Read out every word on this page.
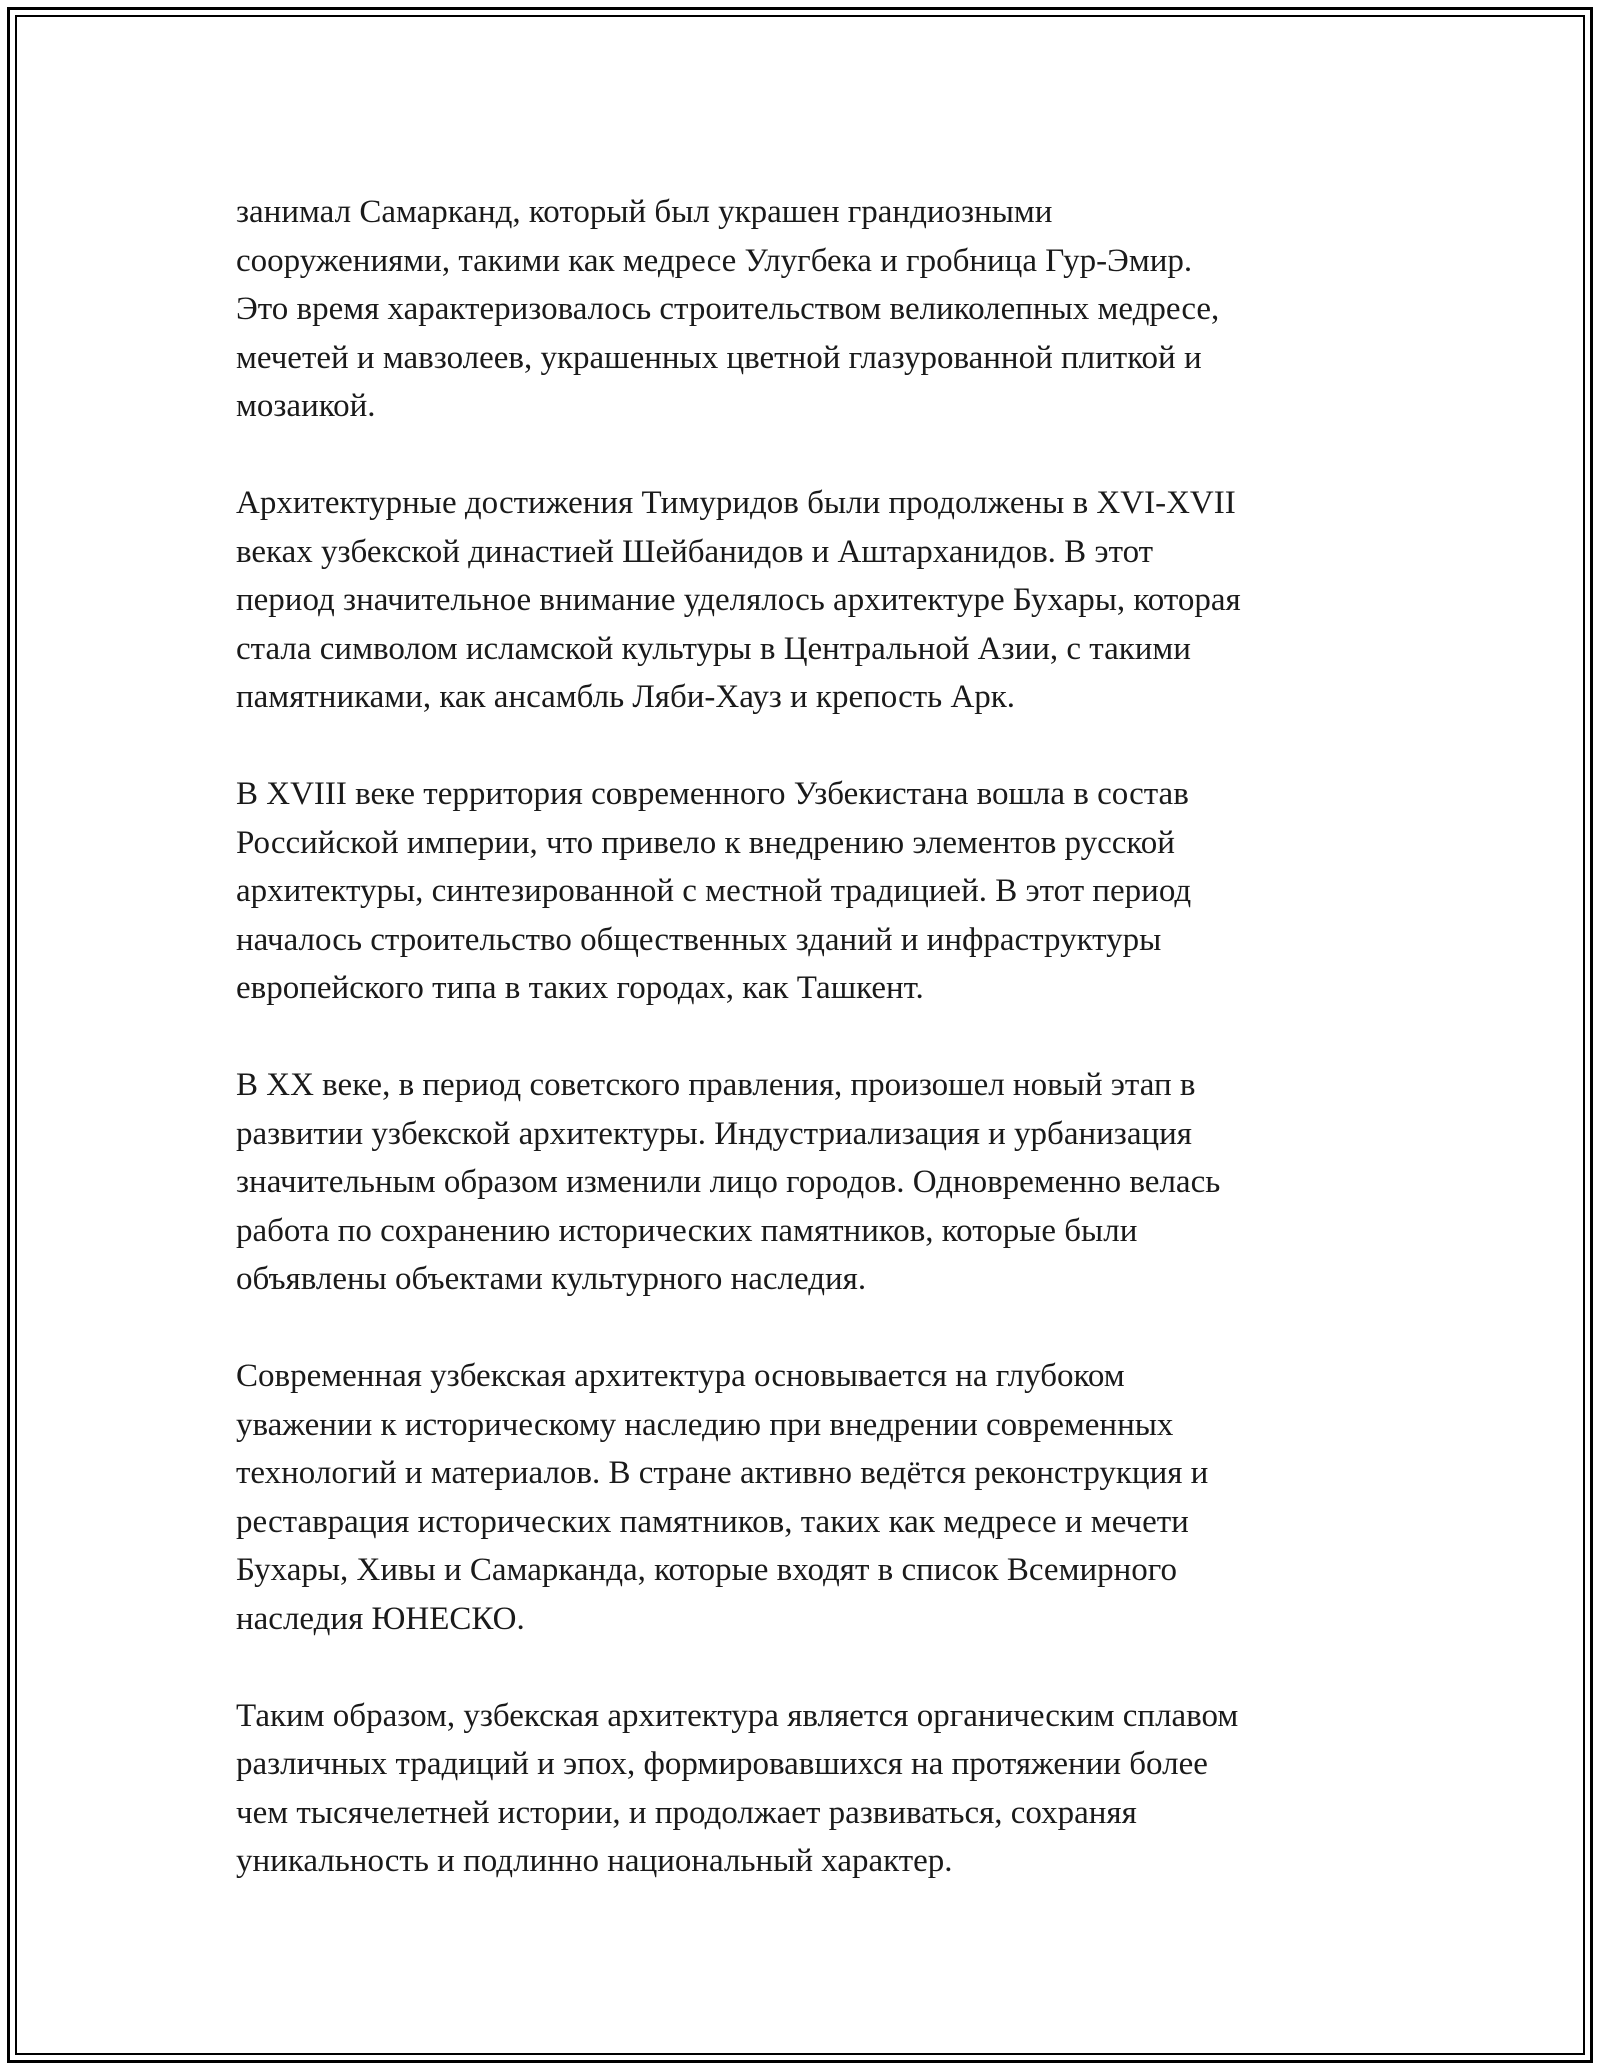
занимал Самарканд, который был украшен грандиозными
сооружениями, такими как медресе Улугбека и гробница Гур-Эмир.
Это время характеризовалось строительством великолепных медресе,
мечетей и мавзолеев, украшенных цветной глазурованной плиткой и
мозаикой.

Архитектурные достижения Тимуридов были продолжены в XVI-XVII
веках узбекской династией Шейбанидов и Аштарханидов. В этот
период значительное внимание уделялось архитектуре Бухары, которая
стала символом исламской культуры в Центральной Азии, с такими
памятниками, как ансамбль Ляби-Хауз и крепость Арк.

В XVIII веке территория современного Узбекистана вошла в состав
Российской империи, что привело к внедрению элементов русской
архитектуры, синтезированной с местной традицией. В этот период
началось строительство общественных зданий и инфраструктуры
европейского типа в таких городах, как Ташкент.

В XX веке, в период советского правления, произошел новый этап в
развитии узбекской архитектуры. Индустриализация и урбанизация
значительным образом изменили лицо городов. Одновременно велась
работа по сохранению исторических памятников, которые были
объявлены объектами культурного наследия.

Современная узбекская архитектура основывается на глубоком
уважении к историческому наследию при внедрении современных
технологий и материалов. В стране активно ведётся реконструкция и
реставрация исторических памятников, таких как медресе и мечети
Бухары, Хивы и Самарканда, которые входят в список Всемирного
наследия ЮНЕСКО.

Таким образом, узбекская архитектура является органическим сплавом
различных традиций и эпох, формировавшихся на протяжении более
чем тысячелетней истории, и продолжает развиваться, сохраняя
уникальность и подлинно национальный характер.
